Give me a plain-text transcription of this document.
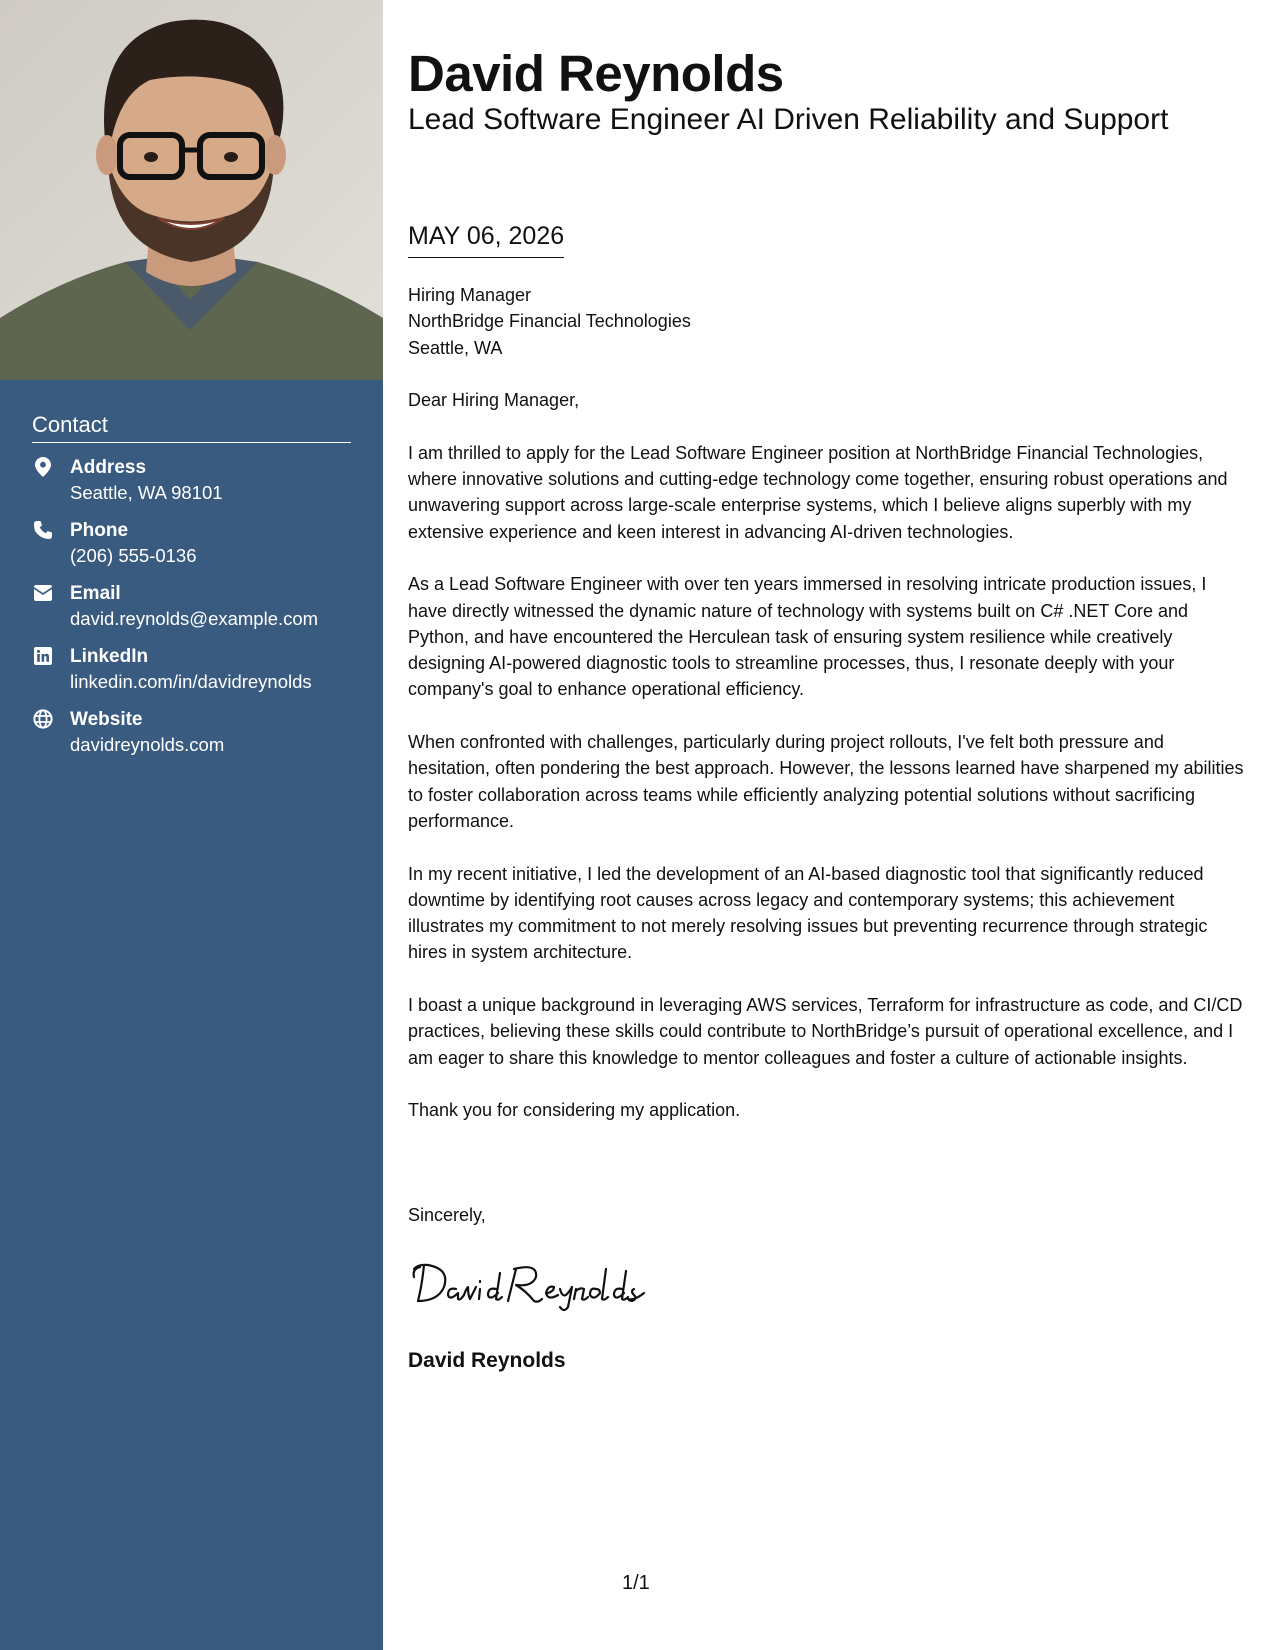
Contact
Address
Seattle, WA 98101
Phone
(206) 555-0136
Email
david.reynolds@example.com
LinkedIn
linkedin.com/in/davidreynolds
Website
davidreynolds.com
David Reynolds
Lead Software Engineer AI Driven Reliability and Support
MAY 06, 2026

Hiring Manager
NorthBridge Financial Technologies
Seattle, WA

Dear Hiring Manager,

I am thrilled to apply for the Lead Software Engineer position at NorthBridge Financial Technologies, where innovative solutions and cutting-edge technology come together, ensuring robust operations and unwavering support across large-scale enterprise systems, which I believe aligns superbly with my extensive experience and keen interest in advancing AI-driven technologies.

As a Lead Software Engineer with over ten years immersed in resolving intricate production issues, I have directly witnessed the dynamic nature of technology with systems built on C# .NET Core and Python, and have encountered the Herculean task of ensuring system resilience while creatively designing AI-powered diagnostic tools to streamline processes, thus, I resonate deeply with your company's goal to enhance operational efficiency.

When confronted with challenges, particularly during project rollouts, I've felt both pressure and hesitation, often pondering the best approach. However, the lessons learned have sharpened my abilities to foster collaboration across teams while efficiently analyzing potential solutions without sacrificing performance.

In my recent initiative, I led the development of an AI-based diagnostic tool that significantly reduced downtime by identifying root causes across legacy and contemporary systems; this achievement illustrates my commitment to not merely resolving issues but preventing recurrence through strategic hires in system architecture.

I boast a unique background in leveraging AWS services, Terraform for infrastructure as code, and CI/CD practices, believing these skills could contribute to NorthBridge’s pursuit of operational excellence, and I am eager to share this knowledge to mentor colleagues and foster a culture of actionable insights.

Thank you for considering my application.

Sincerely,
David Reynolds
1/1
